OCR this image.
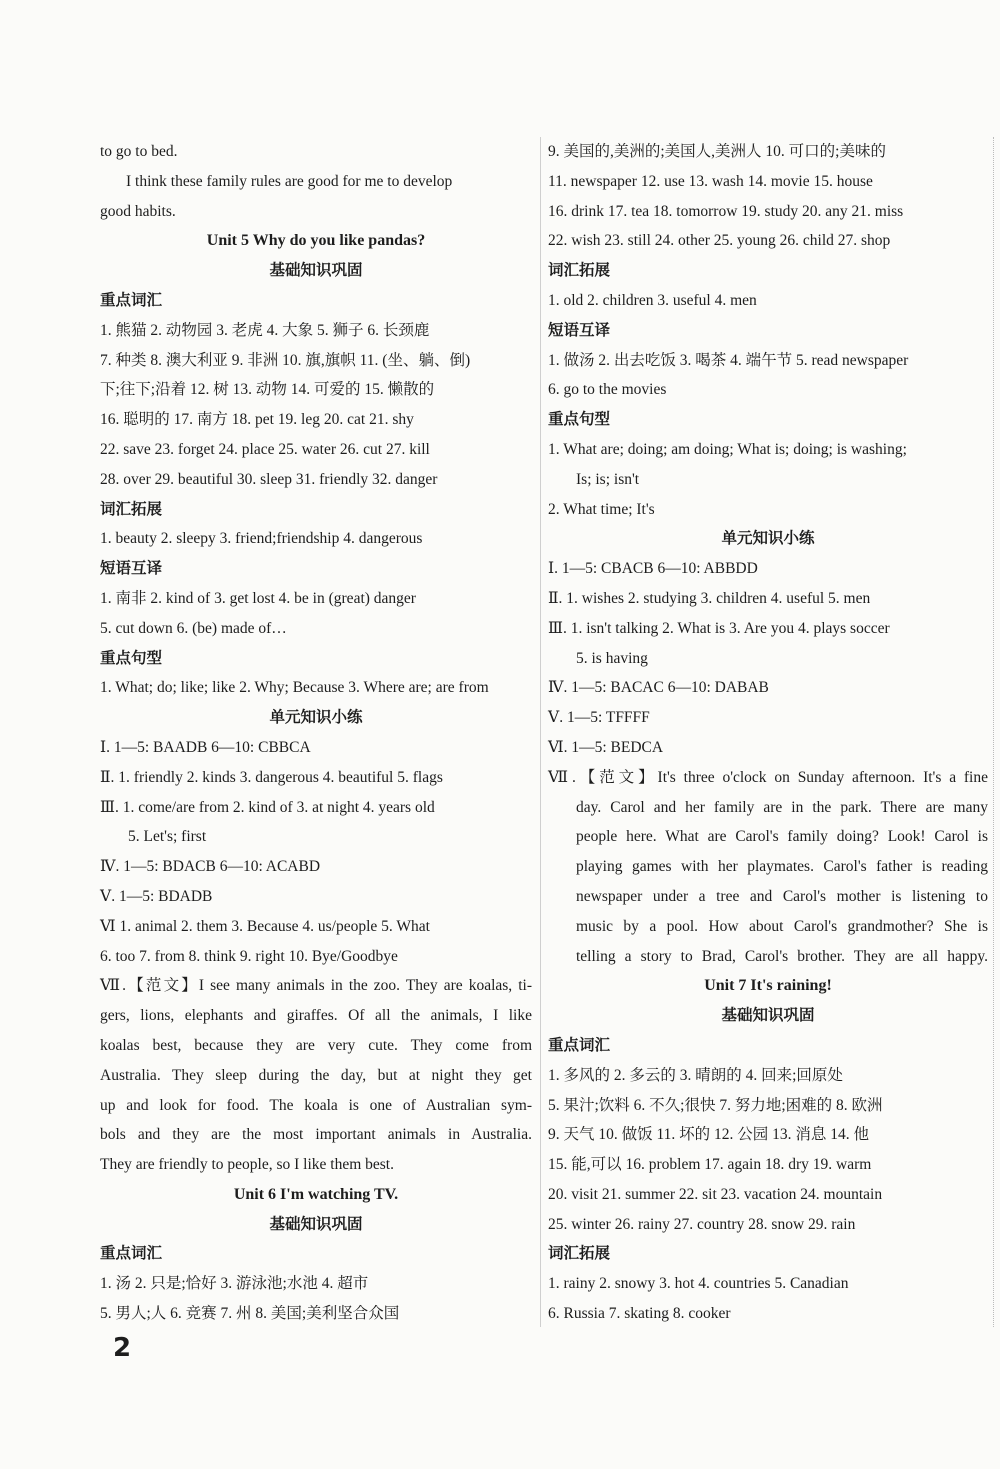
to go to bed.
I think these family rules are good for me to develop
good habits.
Unit 5 Why do you like pandas?
基础知识巩固
重点词汇
1. 熊猫 2. 动物园 3. 老虎 4. 大象 5. 狮子 6. 长颈鹿
7. 种类 8. 澳大利亚 9. 非洲 10. 旗,旗帜 11. (坐、躺、倒)
下;往下;沿着 12. 树 13. 动物 14. 可爱的 15. 懒散的
16. 聪明的 17. 南方 18. pet 19. leg 20. cat 21. shy
22. save 23. forget 24. place 25. water 26. cut 27. kill
28. over 29. beautiful 30. sleep 31. friendly 32. danger
词汇拓展
1. beauty 2. sleepy 3. friend;friendship 4. dangerous
短语互译
1. 南非 2. kind of 3. get lost 4. be in (great) danger
5. cut down 6. (be) made of…
重点句型
1. What; do; like; like 2. Why; Because 3. Where are; are from
单元知识小练
Ⅰ. 1—5: BAADB 6—10: CBBCA
Ⅱ. 1. friendly 2. kinds 3. dangerous 4. beautiful 5. flags
Ⅲ. 1. come/are from 2. kind of 3. at night 4. years old
5. Let's; first
Ⅳ. 1—5: BDACB 6—10: ACABD
Ⅴ. 1—5: BDADB
Ⅵ 1. animal 2. them 3. Because 4. us/people 5. What
6. too 7. from 8. think 9. right 10. Bye/Goodbye
Ⅶ.【范文】I see many animals in the zoo. They are koalas, ti-
gers, lions, elephants and giraffes. Of all the animals, I like
koalas best, because they are very cute. They come from
Australia. They sleep during the day, but at night they get
up and look for food. The koala is one of Australian sym-
bols and they are the most important animals in Australia.
They are friendly to people, so I like them best.
Unit 6 I'm watching TV.
基础知识巩固
重点词汇
1. 汤 2. 只是;恰好 3. 游泳池;水池 4. 超市
5. 男人;人 6. 竞赛 7. 州 8. 美国;美利坚合众国
9. 美国的,美洲的;美国人,美洲人 10. 可口的;美味的
11. newspaper 12. use 13. wash 14. movie 15. house
16. drink 17. tea 18. tomorrow 19. study 20. any 21. miss
22. wish 23. still 24. other 25. young 26. child 27. shop
词汇拓展
1. old 2. children 3. useful 4. men
短语互译
1. 做汤 2. 出去吃饭 3. 喝茶 4. 端午节 5. read newspaper
6. go to the movies
重点句型
1. What are; doing; am doing; What is; doing; is washing;
Is; is; isn't
2. What time; It's
单元知识小练
Ⅰ. 1—5: CBACB 6—10: ABBDD
Ⅱ. 1. wishes 2. studying 3. children 4. useful 5. men
Ⅲ. 1. isn't talking 2. What is 3. Are you 4. plays soccer
5. is having
Ⅳ. 1—5: BACAC 6—10: DABAB
Ⅴ. 1—5: TFFFF
Ⅵ. 1—5: BEDCA
Ⅶ.【范文】It's three o'clock on Sunday afternoon. It's a fine
day. Carol and her family are in the park. There are many
people here. What are Carol's family doing? Look! Carol is
playing games with her playmates. Carol's father is reading
newspaper under a tree and Carol's mother is listening to
music by a pool. How about Carol's grandmother? She is
telling a story to Brad, Carol's brother. They are all happy.
Unit 7 It's raining!
基础知识巩固
重点词汇
1. 多风的 2. 多云的 3. 晴朗的 4. 回来;回原处
5. 果汁;饮料 6. 不久;很快 7. 努力地;困难的 8. 欧洲
9. 天气 10. 做饭 11. 坏的 12. 公园 13. 消息 14. 他
15. 能,可以 16. problem 17. again 18. dry 19. warm
20. visit 21. summer 22. sit 23. vacation 24. mountain
25. winter 26. rainy 27. country 28. snow 29. rain
词汇拓展
1. rainy 2. snowy 3. hot 4. countries 5. Canadian
6. Russia 7. skating 8. cooker
2
